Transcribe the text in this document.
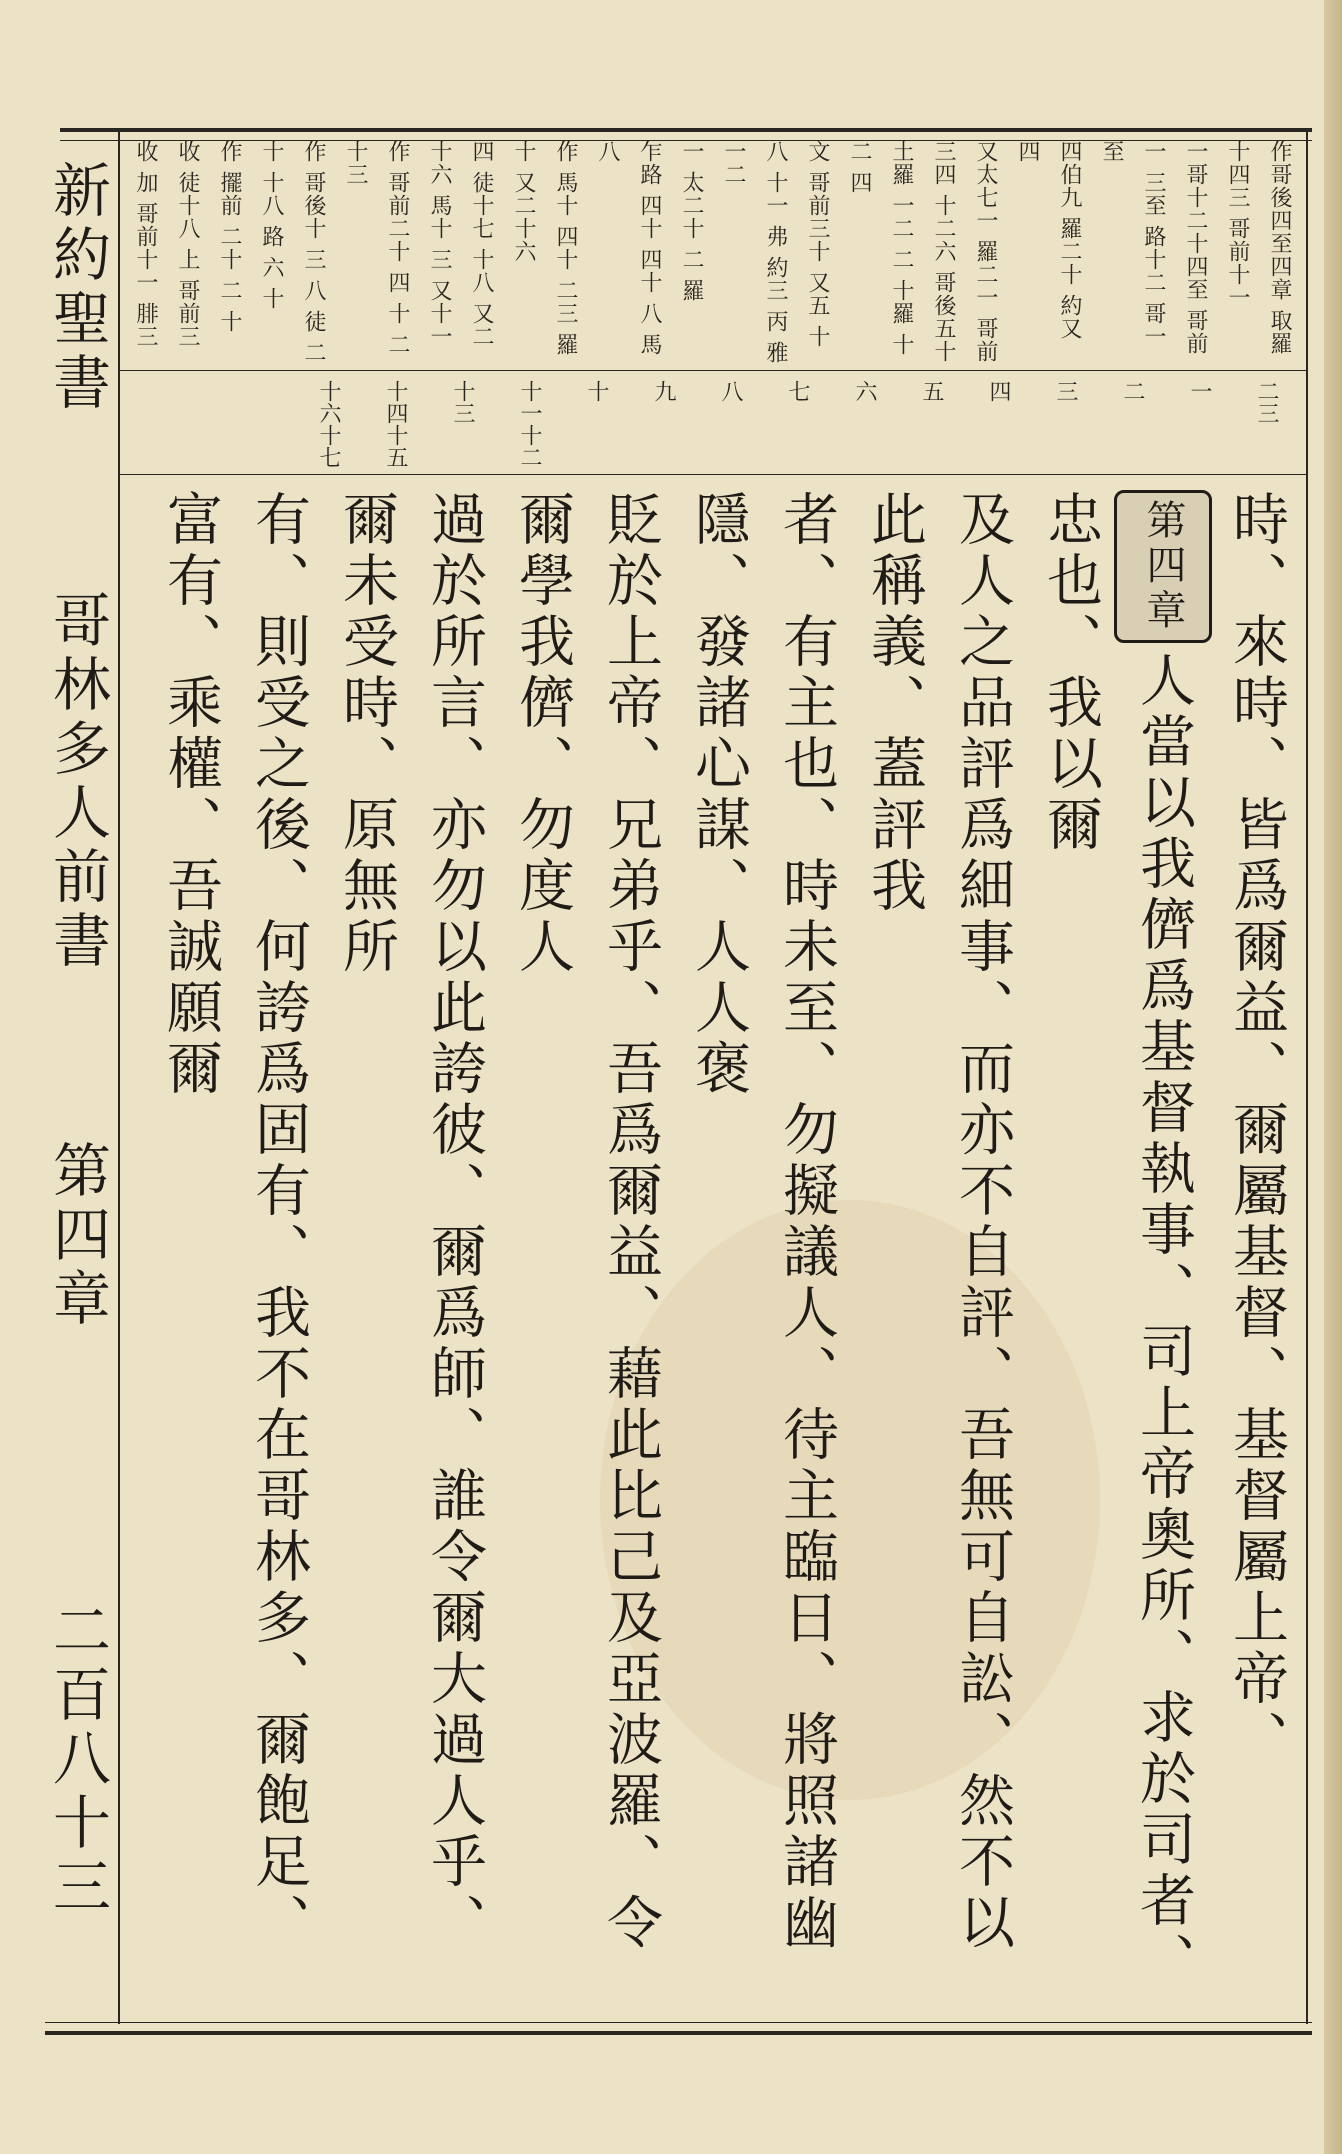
新約聖書
哥林多人前書
第四章
二百八十三
作哥後四至四章 取羅十四三 哥前十一
一哥十二十四至 哥前一 三至 路十二 哥一至
四伯九 羅二十 約又 四
又太七一 羅二一 哥前三四 十二六 哥後五十
土羅 一二 二 十羅 十二 四
文 哥前三十 又五 十八 十一 弗 約三 丙 雅 一二
一 太二十 二 羅
乍路 四十 四十 八 馬 八
作 馬十 四十 二三 羅十 又二十六
四 徒十七 十八 又二十六 馬十 三 又十一
作 哥前二十 四 十 二 十三
作 哥後十 三 八 徒 二 十 十八 路 六 十
作 擺前 二十 二 十
收 徒十八 上 哥前三
收 加 哥前十一 腓三
二三
一
二
三
四
五
六
七
八
九
十
十一十二
十三
十四十五
十六十七

時、來時、皆爲爾益、爾屬基督、基督屬上帝、

第四章人當以我儕爲基督執事、司上帝奧所、求於司者、忠也、我以爾

及人之品評爲細事、而亦不自評、吾無可自訟、然不以此稱義、蓋評我

者、有主也、時未至、勿擬議人、待主臨日、將照諸幽隱、發諸心謀、人人褒

貶於上帝、兄弟乎、吾爲爾益、藉此比己及亞波羅、令爾學我儕、勿度人

過於所言、亦勿以此誇彼、爾爲師、誰令爾大過人乎、爾未受時、原無所

有、則受之後、何誇爲固有、我不在哥林多、爾飽足、富有、乘權、吾誠願爾
